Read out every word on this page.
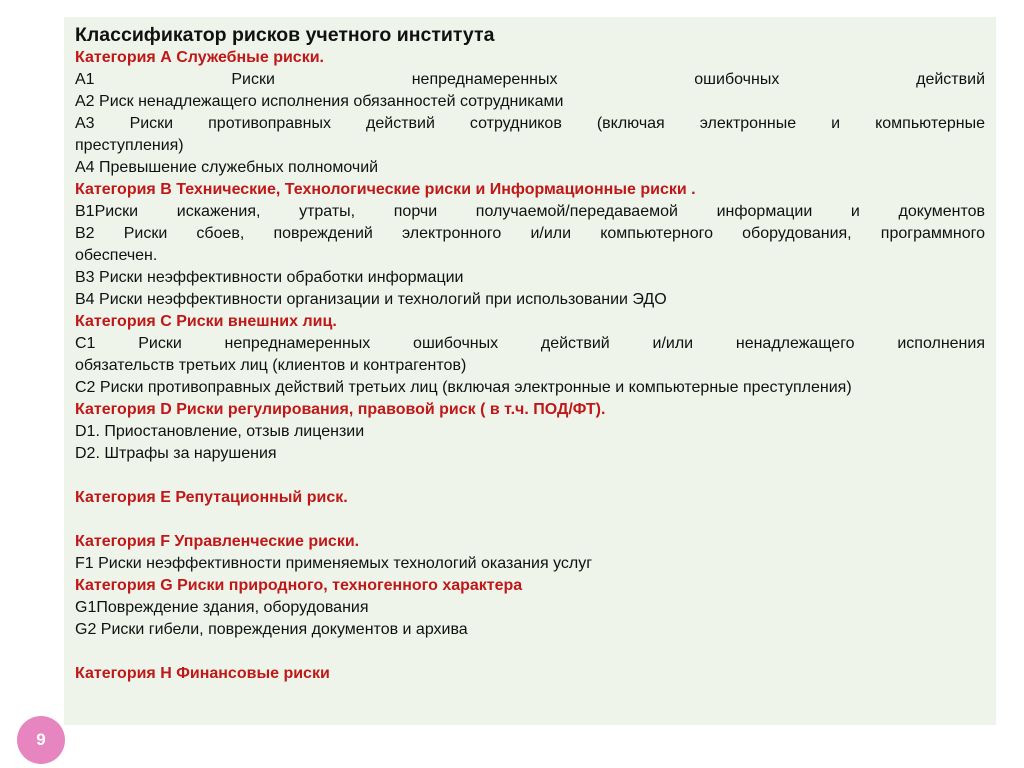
Классификатор рисков учетного института
Категория А Служебные риски.
А1 Риски непреднамеренных ошибочных действий
А2 Риск ненадлежащего исполнения обязанностей сотрудниками
А3 Риски противоправных действий сотрудников (включая электронные и компьютерные
преступления)
А4 Превышение служебных полномочий
Категория В Технические, Технологические риски и Информационные риски .
В1Риски искажения, утраты, порчи получаемой/передаваемой информации и документов
В2 Риски сбоев, повреждений электронного и/или компьютерного оборудования, программного
обеспечен.
В3 Риски неэффективности обработки информации
В4 Риски неэффективности организации и технологий при использовании ЭДО
Категория С Риски внешних лиц.
С1 Риски непреднамеренных ошибочных действий и/или ненадлежащего исполнения
обязательств третьих лиц (клиентов и контрагентов)
С2 Риски противоправных действий третьих лиц (включая электронные и компьютерные преступления)
Категория D Риски регулирования, правовой риск ( в т.ч. ПОД/ФТ).
D1. Приостановление, отзыв лицензии
D2. Штрафы за нарушения
Категория Е Репутационный риск.
Категория F Управленческие риски.
F1 Риски неэффективности применяемых технологий оказания услуг
Категория G Риски природного, техногенного характера
G1Повреждение здания, оборудования
G2 Риски гибели, повреждения документов и архива
Категория Н Финансовые риски
9
